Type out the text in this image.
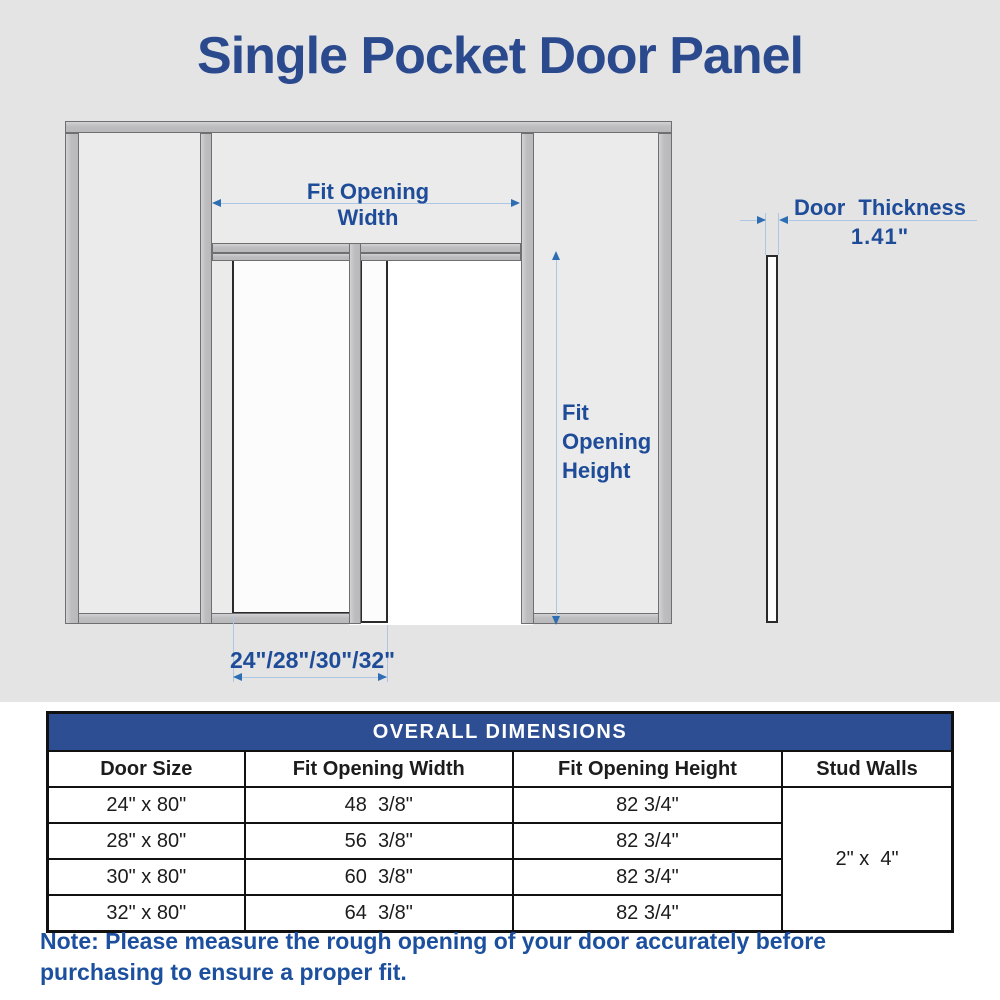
Single Pocket Door Panel
Fit Opening
Width
Fit
Opening
Height
24"/28"/30"/32"
Door Thickness
1.41"
OVERALL DIMENSIONS			
Door Size	Fit Opening Width	Fit Opening Height	Stud Walls
24" x 80"	48  3/8"	82 3/4"	2" x  4"
28" x 80"	56  3/8"	82 3/4"	
30" x 80"	60  3/8"	82 3/4"	
32" x 80"	64  3/8"	82 3/4"	
Note: Please measure the rough opening of your door accurately before purchasing to ensure a proper fit.
